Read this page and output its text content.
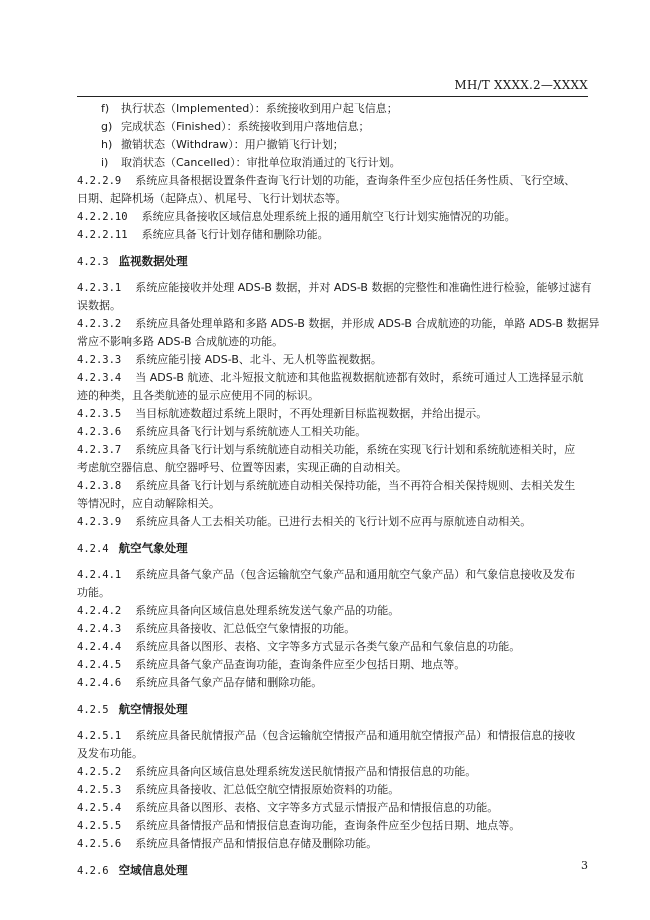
MH/T XXXX.2—XXXX
f) 执行状态（Implemented）：系统接收到用户起飞信息；
g) 完成状态（Finished）：系统接收到用户落地信息；
h) 撤销状态（Withdraw）：用户撤销飞行计划；
i) 取消状态（Cancelled）：审批单位取消通过的飞行计划。
4.2.2.9 系统应具备根据设置条件查询飞行计划的功能，查询条件至少应包括任务性质、飞行空域、
日期、起降机场（起降点）、机尾号、飞行计划状态等。
4.2.2.10 系统应具备接收区域信息处理系统上报的通用航空飞行计划实施情况的功能。
4.2.2.11 系统应具备飞行计划存储和删除功能。
4.2.3 监视数据处理
4.2.3.1 系统应能接收并处理 ADS-B 数据，并对 ADS-B 数据的完整性和准确性进行检验，能够过滤有
误数据。
4.2.3.2 系统应具备处理单路和多路 ADS-B 数据，并形成 ADS-B 合成航迹的功能，单路 ADS-B 数据异
常应不影响多路 ADS-B 合成航迹的功能。
4.2.3.3 系统应能引接 ADS-B、北斗、无人机等监视数据。
4.2.3.4 当 ADS-B 航迹、北斗短报文航迹和其他监视数据航迹都有效时，系统可通过人工选择显示航
迹的种类，且各类航迹的显示应使用不同的标识。
4.2.3.5 当目标航迹数超过系统上限时，不再处理新目标监视数据，并给出提示。
4.2.3.6 系统应具备飞行计划与系统航迹人工相关功能。
4.2.3.7 系统应具备飞行计划与系统航迹自动相关功能，系统在实现飞行计划和系统航迹相关时，应
考虑航空器信息、航空器呼号、位置等因素，实现正确的自动相关。
4.2.3.8 系统应具备飞行计划与系统航迹自动相关保持功能，当不再符合相关保持规则、去相关发生
等情况时，应自动解除相关。
4.2.3.9 系统应具备人工去相关功能。已进行去相关的飞行计划不应再与原航迹自动相关。
4.2.4 航空气象处理
4.2.4.1 系统应具备气象产品（包含运输航空气象产品和通用航空气象产品）和气象信息接收及发布
功能。
4.2.4.2 系统应具备向区域信息处理系统发送气象产品的功能。
4.2.4.3 系统应具备接收、汇总低空气象情报的功能。
4.2.4.4 系统应具备以图形、表格、文字等多方式显示各类气象产品和气象信息的功能。
4.2.4.5 系统应具备气象产品查询功能，查询条件应至少包括日期、地点等。
4.2.4.6 系统应具备气象产品存储和删除功能。
4.2.5 航空情报处理
4.2.5.1 系统应具备民航情报产品（包含运输航空情报产品和通用航空情报产品）和情报信息的接收
及发布功能。
4.2.5.2 系统应具备向区域信息处理系统发送民航情报产品和情报信息的功能。
4.2.5.3 系统应具备接收、汇总低空航空情报原始资料的功能。
4.2.5.4 系统应具备以图形、表格、文字等多方式显示情报产品和情报信息的功能。
4.2.5.5 系统应具备情报产品和情报信息查询功能，查询条件应至少包括日期、地点等。
4.2.5.6 系统应具备情报产品和情报信息存储及删除功能。
4.2.6 空域信息处理	3
